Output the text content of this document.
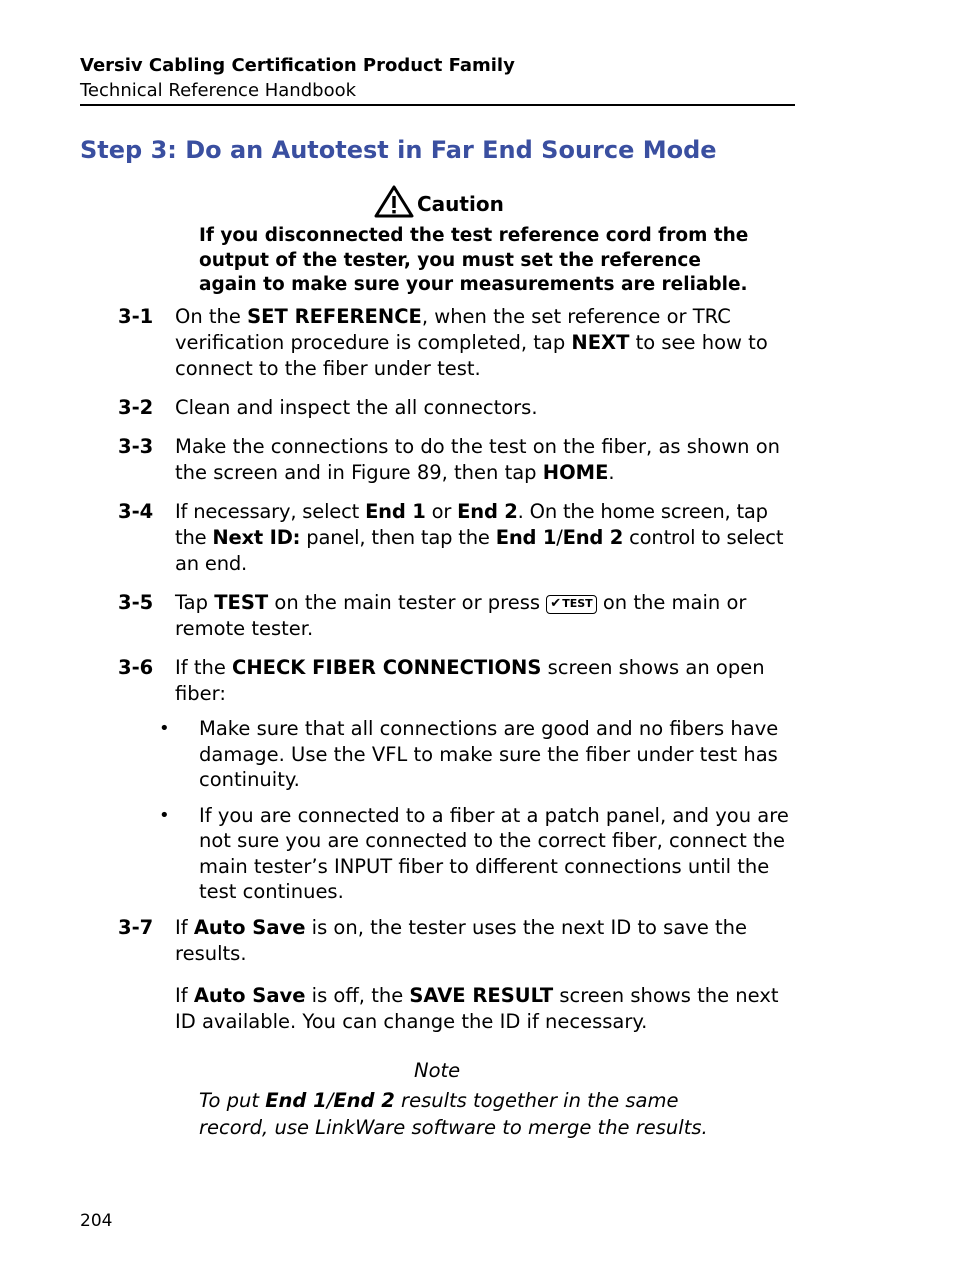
Versiv Cabling Certification Product Family
Technical Reference Handbook
Step 3: Do an Autotest in Far End Source Mode
Caution
If you disconnected the test reference cord from the output of the tester, you must set the reference again to make sure your measurements are reliable.
3-1	On the SET REFERENCE, when the set reference or TRC verification procedure is completed, tap NEXT to see how to connect to the fiber under test.
3-2	Clean and inspect the all connectors.
3-3	Make the connections to do the test on the fiber, as shown on the screen and in Figure 89, then tap HOME.
3-4	If necessary, select End 1 or End 2. On the home screen, tap the Next ID: panel, then tap the End 1/End 2 control to select an end.
3-5	Tap TEST on the main tester or press ✔ TEST on the main or remote tester.
3-6	If the CHECK FIBER CONNECTIONS screen shows an open fiber:
• Make sure that all connections are good and no fibers have damage. Use the VFL to make sure the fiber under test has continuity.
• If you are connected to a fiber at a patch panel, and you are not sure you are connected to the correct fiber, connect the main tester’s INPUT fiber to different connections until the test continues.
3-7	If Auto Save is on, the tester uses the next ID to save the results.

If Auto Save is off, the SAVE RESULT screen shows the next ID available. You can change the ID if necessary.

Note
To put End 1/End 2 results together in the same record, use LinkWare software to merge the results.
204
